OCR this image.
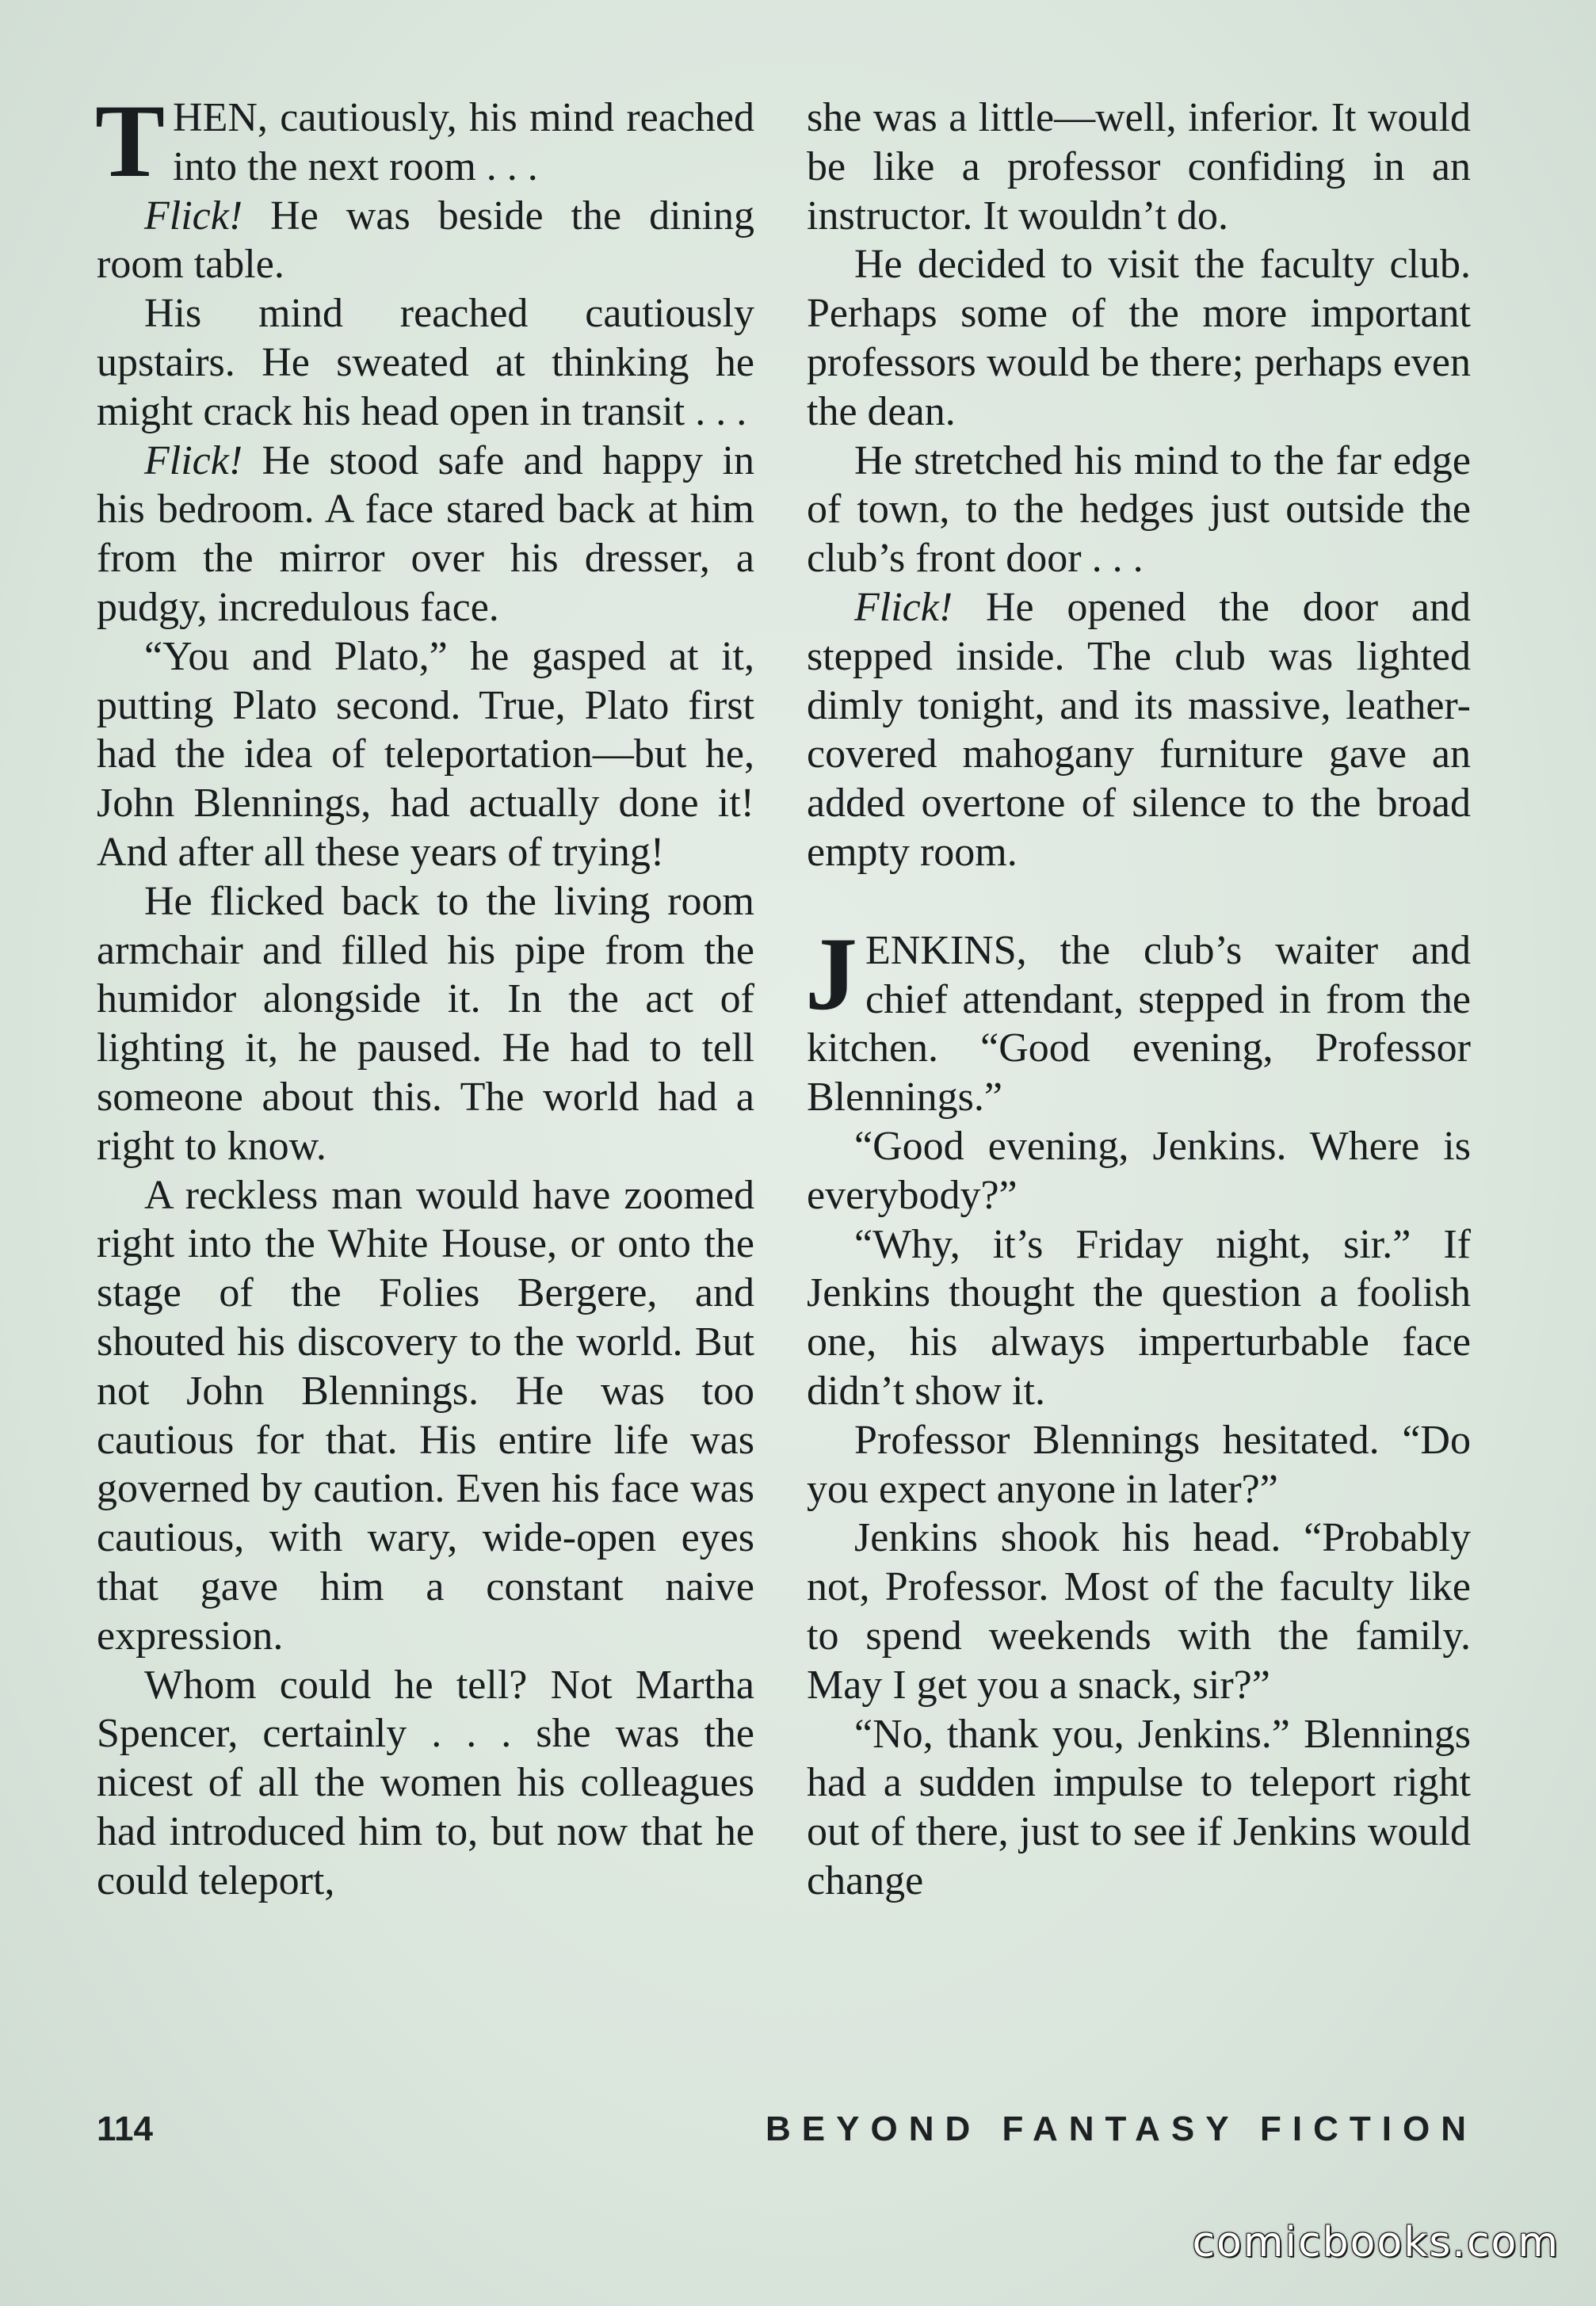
THEN, cautiously, his mind reached into the next room . . .

Flick! He was beside the dining room table.

His mind reached cautiously upstairs. He sweated at thinking he might crack his head open in transit . . .

Flick! He stood safe and happy in his bedroom. A face stared back at him from the mirror over his dresser, a pudgy, incredulous face.

“You and Plato,” he gasped at it, putting Plato second. True, Plato first had the idea of teleportation—but he, John Blennings, had actually done it! And after all these years of trying!

He flicked back to the living room armchair and filled his pipe from the humidor alongside it. In the act of lighting it, he paused. He had to tell someone about this. The world had a right to know.

A reckless man would have zoomed right into the White House, or onto the stage of the Folies Bergere, and shouted his discovery to the world. But not John Blennings. He was too cautious for that. His entire life was governed by caution. Even his face was cautious, with wary, wide-open eyes that gave him a constant naive expression.

Whom could he tell? Not Martha Spencer, certainly . . . she was the nicest of all the women his colleagues had introduced him to, but now that he could teleport,

she was a little—well, inferior. It would be like a professor confiding in an instructor. It wouldn’t do.

He decided to visit the faculty club. Perhaps some of the more important professors would be there; perhaps even the dean.

He stretched his mind to the far edge of town, to the hedges just outside the club’s front door . . .

Flick! He opened the door and stepped inside. The club was lighted dimly tonight, and its massive, leather-covered mahogany furniture gave an added overtone of silence to the broad empty room.

JENKINS, the club’s waiter and chief attendant, stepped in from the kitchen. “Good evening, Professor Blennings.”

“Good evening, Jenkins. Where is everybody?”

“Why, it’s Friday night, sir.” If Jenkins thought the question a foolish one, his always imperturbable face didn’t show it.

Professor Blennings hesitated. “Do you expect anyone in later?”

Jenkins shook his head. “Probably not, Professor. Most of the faculty like to spend weekends with the family. May I get you a snack, sir?”

“No, thank you, Jenkins.” Blennings had a sudden impulse to teleport right out of there, just to see if Jenkins would change

114	BEYOND FANTASY FICTION
comicbooks.com
